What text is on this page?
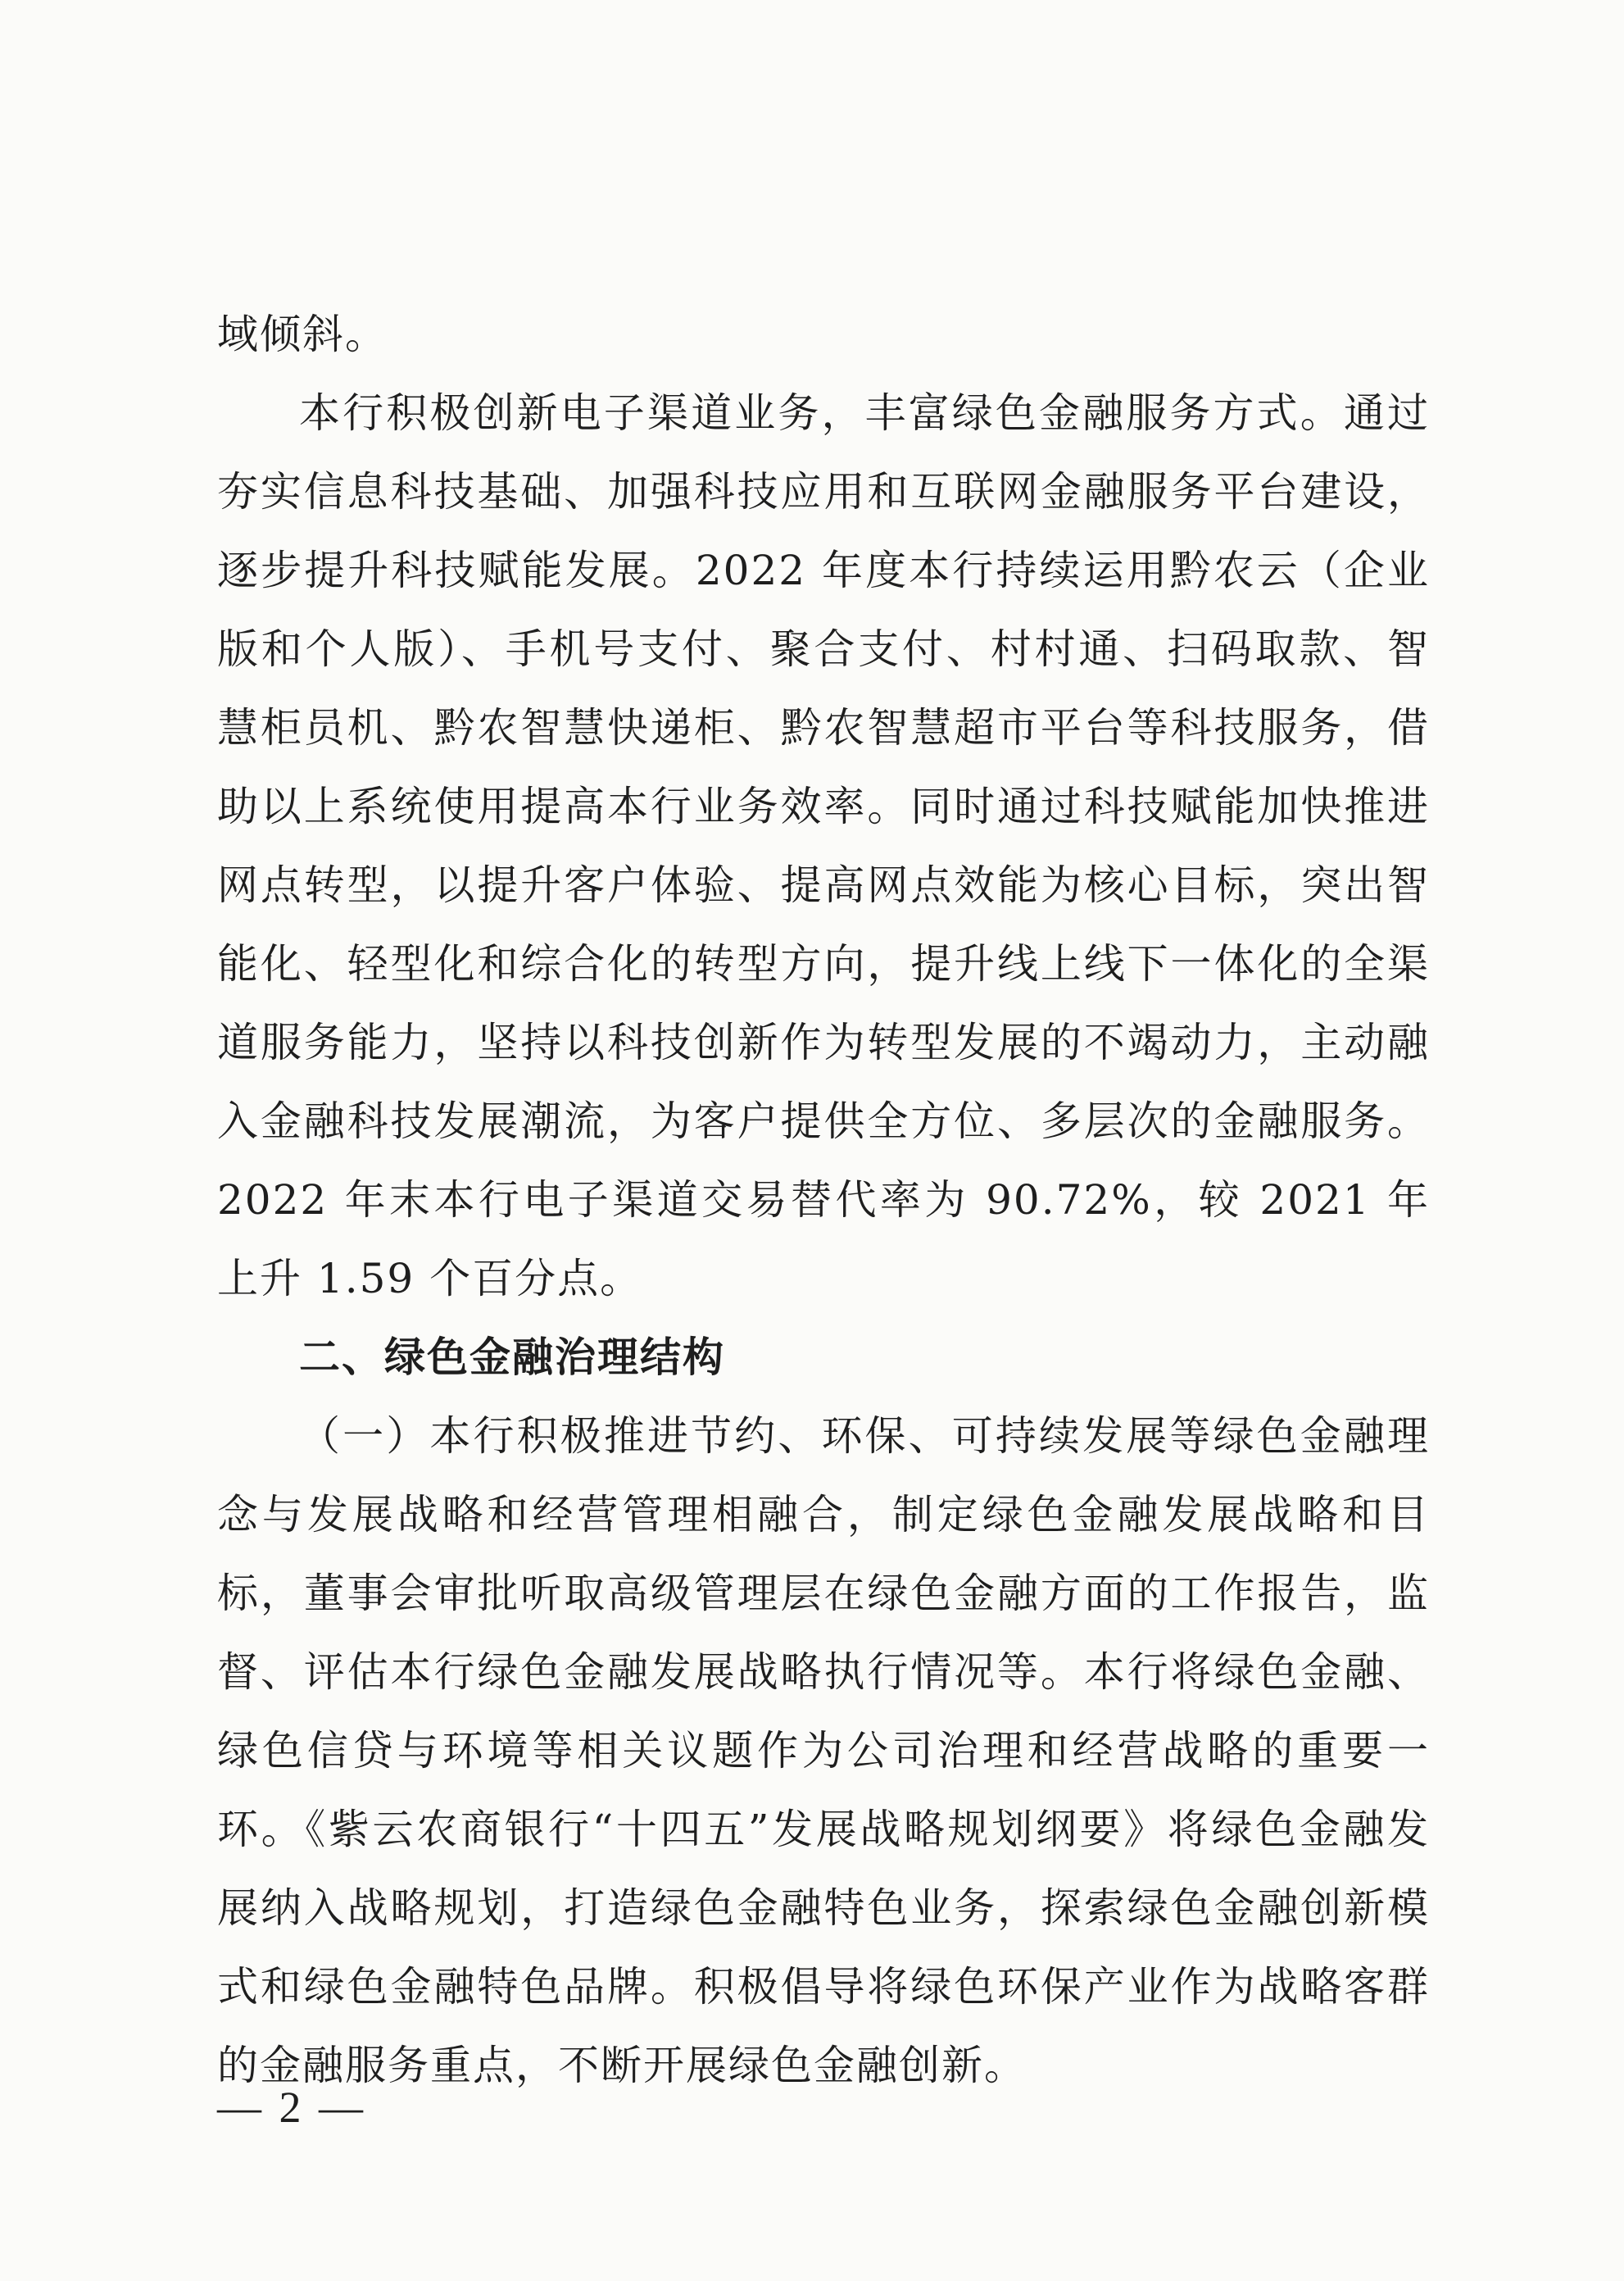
域倾斜。

本行积极创新电子渠道业务，丰富绿色金融服务方式。通过夯实信息科技基础、加强科技应用和互联网金融服务平台建设，逐步提升科技赋能发展。2022 年度本行持续运用黔农云（企业版和个人版）、手机号支付、聚合支付、村村通、扫码取款、智慧柜员机、黔农智慧快递柜、黔农智慧超市平台等科技服务，借助以上系统使用提高本行业务效率。同时通过科技赋能加快推进网点转型，以提升客户体验、提高网点效能为核心目标，突出智能化、轻型化和综合化的转型方向，提升线上线下一体化的全渠道服务能力，坚持以科技创新作为转型发展的不竭动力，主动融入金融科技发展潮流，为客户提供全方位、多层次的金融服务。2022 年末本行电子渠道交易替代率为 90.72%，较 2021 年上升 1.59 个百分点。

二、绿色金融治理结构

（一）本行积极推进节约、环保、可持续发展等绿色金融理念与发展战略和经营管理相融合，制定绿色金融发展战略和目标，董事会审批听取高级管理层在绿色金融方面的工作报告，监督、评估本行绿色金融发展战略执行情况等。本行将绿色金融、绿色信贷与环境等相关议题作为公司治理和经营战略的重要一环。《紫云农商银行“十四五”发展战略规划纲要》将绿色金融发展纳入战略规划，打造绿色金融特色业务，探索绿色金融创新模式和绿色金融特色品牌。积极倡导将绿色环保产业作为战略客群的金融服务重点，不断开展绿色金融创新。

— 2 —
